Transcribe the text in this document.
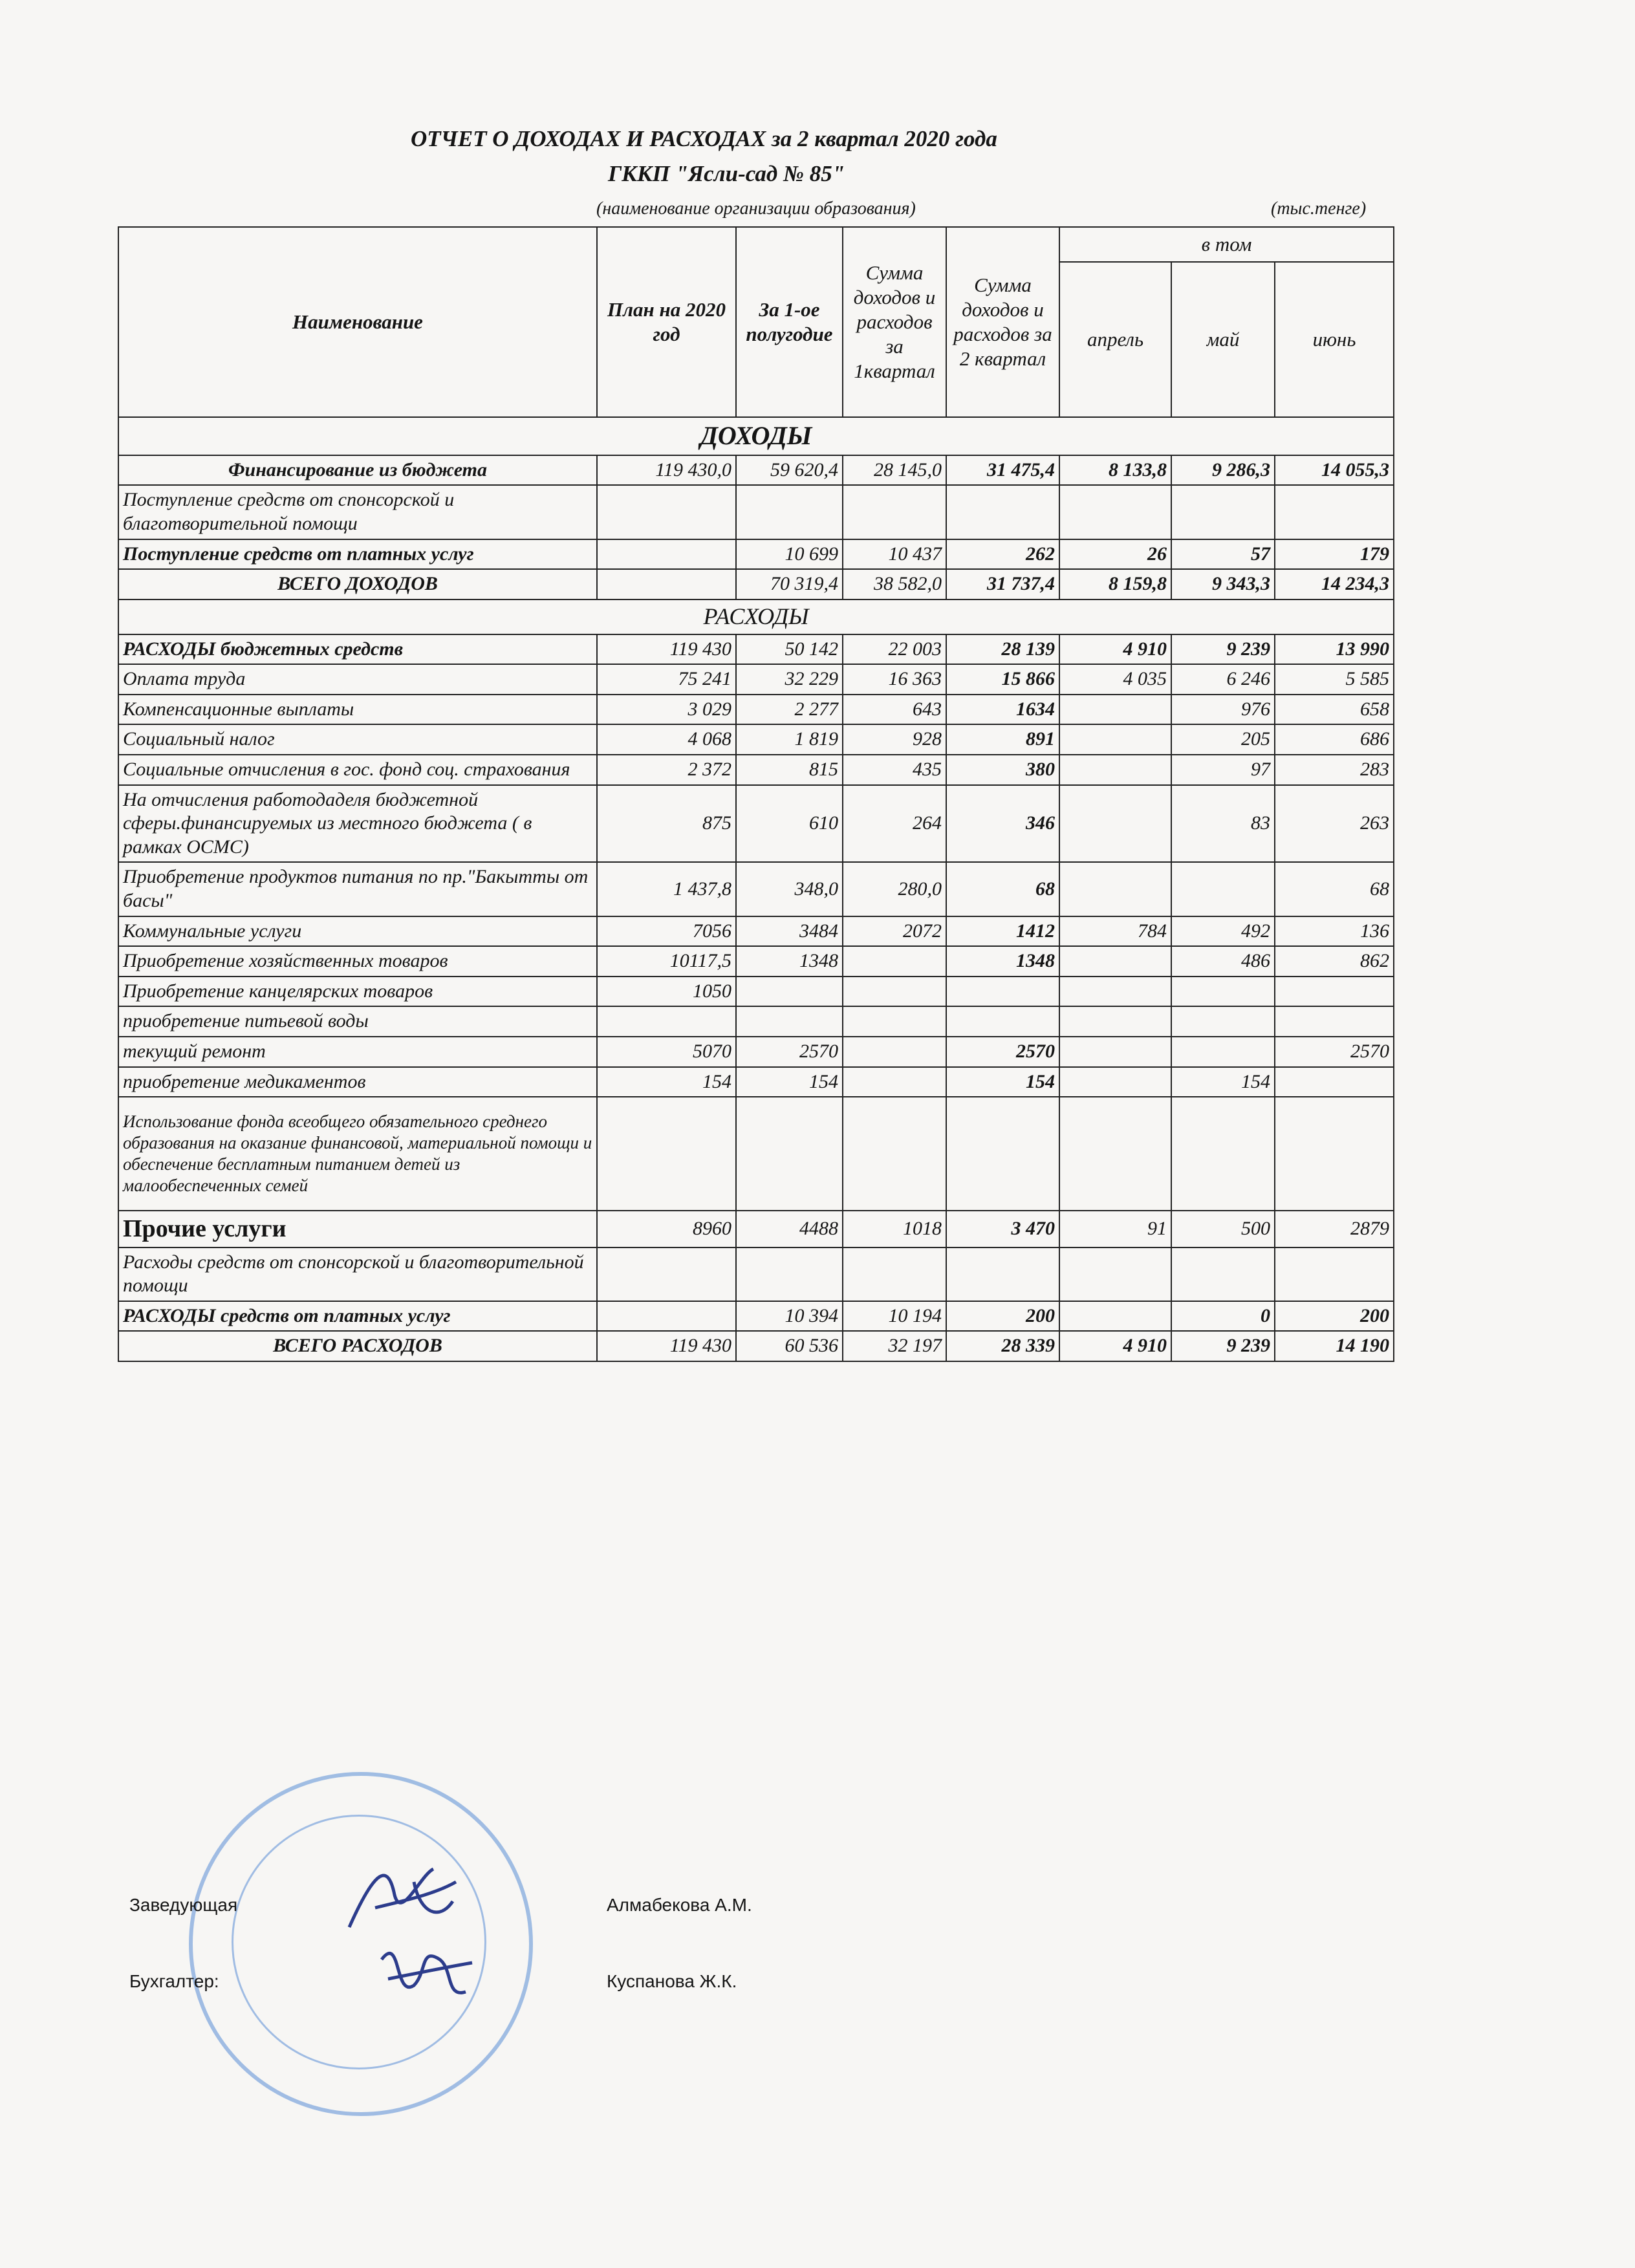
ОТЧЕТ О ДОХОДАХ И РАСХОДАХ за 2 квартал 2020 года
ГККП "Ясли-сад № 85"
(наименование организации образования)	(тыс.тенге)
Наименование	План на 2020 год	За 1-ое полугодие	Сумма доходов и расходов за 1квартал	Сумма доходов и расходов за 2 квартал	в том		
					апрель	май	июнь
ДОХОДЫ							
Финансирование из бюджета	119 430,0	59 620,4	28 145,0	31 475,4	8 133,8	9 286,3	14 055,3
Поступление средств от спонсорской и благотворительной помощи							
Поступление средств от платных услуг		10 699	10 437	262	26	57	179
ВСЕГО ДОХОДОВ		70 319,4	38 582,0	31 737,4	8 159,8	9 343,3	14 234,3
РАСХОДЫ							
РАСХОДЫ бюджетных средств	119 430	50 142	22 003	28 139	4 910	9 239	13 990
Оплата труда	75 241	32 229	16 363	15 866	4 035	6 246	5 585
Компенсационные выплаты	3 029	2 277	643	1634		976	658
Социальный налог	4 068	1 819	928	891		205	686
Социальные отчисления в гос. фонд соц. страхования	2 372	815	435	380		97	283
На отчисления работодаделя бюджетной сферы.финансируемых из местного бюджета ( в рамках ОСМС)	875	610	264	346		83	263
Приобретение продуктов питания по пр."Бакытты от басы"	1 437,8	348,0	280,0	68			68
Коммунальные услуги	7056	3484	2072	1412	784	492	136
Приобретение хозяйственных товаров	10117,5	1348		1348		486	862
Приобретение канцелярских товаров	1050						
приобретение питьевой воды							
текущий ремонт	5070	2570		2570			2570
приобретение медикаментов	154	154		154		154	
Использование фонда всеобщего обязательного среднего образования на оказание финансовой, материальной помощи и обеспечение бесплатным питанием детей из малообеспеченных семей							
Прочие услуги	8960	4488	1018	3 470	91	500	2879
Расходы средств от спонсорской и благотворительной помощи							
РАСХОДЫ средств от платных услуг		10 394	10 194	200		0	200
ВСЕГО РАСХОДОВ	119 430	60 536	32 197	28 339	4 910	9 239	14 190
Заведующая	Алмабекова А.М.
Бухгалтер:	Куспанова Ж.К.
